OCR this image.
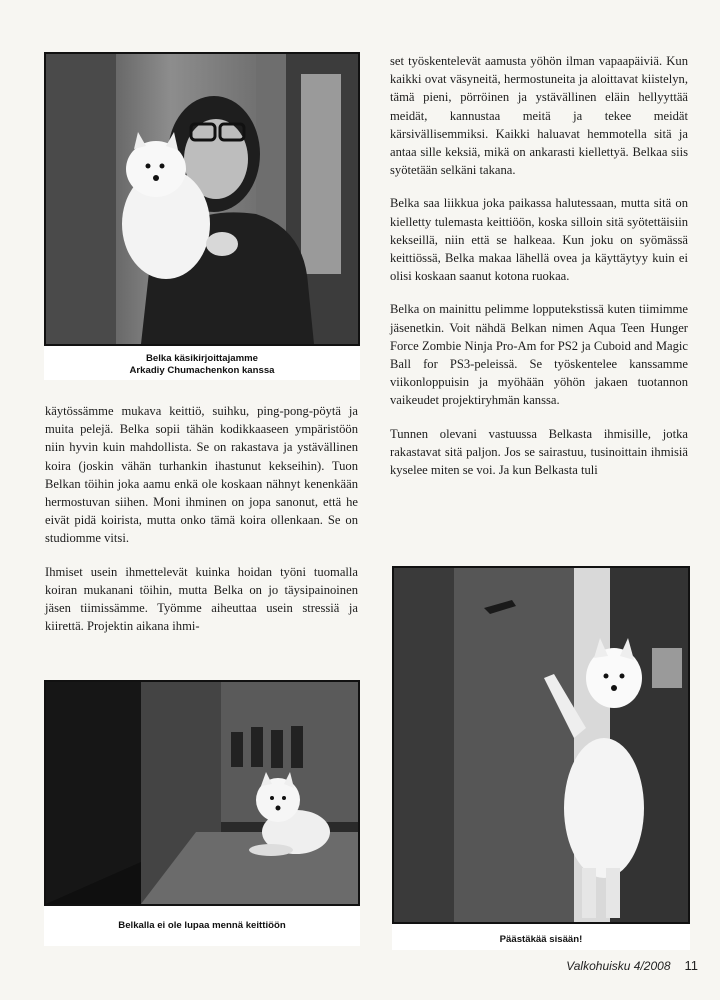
Belka käsikirjoittajamme
Arkadiy Chumachenkon kanssa

käytössämme mukava keittiö, suihku, ping-pong-pöytä ja muita pelejä. Belka sopii tähän kodikkaaseen ympäristöön niin hyvin kuin mahdollista. Se on rakastava ja ystävällinen koira (joskin vähän turhankin ihastunut kekseihin). Tuon Belkan töihin joka aamu enkä ole koskaan nähnyt kenenkään hermostuvan siihen. Moni ihminen on jopa sanonut, että he eivät pidä koirista, mutta onko tämä koira ollenkaan. Se on studiomme vitsi.

Ihmiset usein ihmettelevät kuinka hoidan työni tuomalla koiran mukanani töihin, mutta Belka on jo täysipainoinen jäsen tiimissämme. Työmme aiheuttaa usein stressiä ja kiirettä. Projektin aikana ihmi-

Belkalla ei ole lupaa mennä keittiöön

set työskentelevät aamusta yöhön ilman vapaapäiviä. Kun kaikki ovat väsyneitä, hermostuneita ja aloittavat kiistelyn, tämä pieni, pörröinen ja ystävällinen eläin hellyyttää meidät, kannustaa meitä ja tekee meidät kärsivällisemmiksi. Kaikki haluavat hemmotella sitä ja antaa sille keksiä, mikä on ankarasti kiellettyä. Belkaa siis syötetään selkäni takana.

Belka saa liikkua joka paikassa halutessaan, mutta sitä on kielletty tulemasta keittiöön, koska silloin sitä syötettäisiin kekseillä, niin että se halkeaa. Kun joku on syömässä keittiössä, Belka makaa lähellä ovea ja käyttäytyy kuin ei olisi koskaan saanut kotona ruokaa.

Belka on mainittu pelimme lopputekstissä kuten tiimimme jäsenetkin. Voit nähdä Belkan nimen Aqua Teen Hunger Force Zombie Ninja Pro-Am for PS2 ja Cuboid and Magic Ball for PS3-peleissä. Se työskentelee kanssamme viikonloppuisin ja myöhään yöhön jakaen tuotannon vaikeudet projektiryhmän kanssa.

Tunnen olevani vastuussa Belkasta ihmisille, jotka rakastavat sitä paljon. Jos se sairastuu, tusinoittain ihmisiä kyselee miten se voi. Ja kun Belkasta tuli

Päästäkää sisään!
Valkohuisku 4/2008 11
